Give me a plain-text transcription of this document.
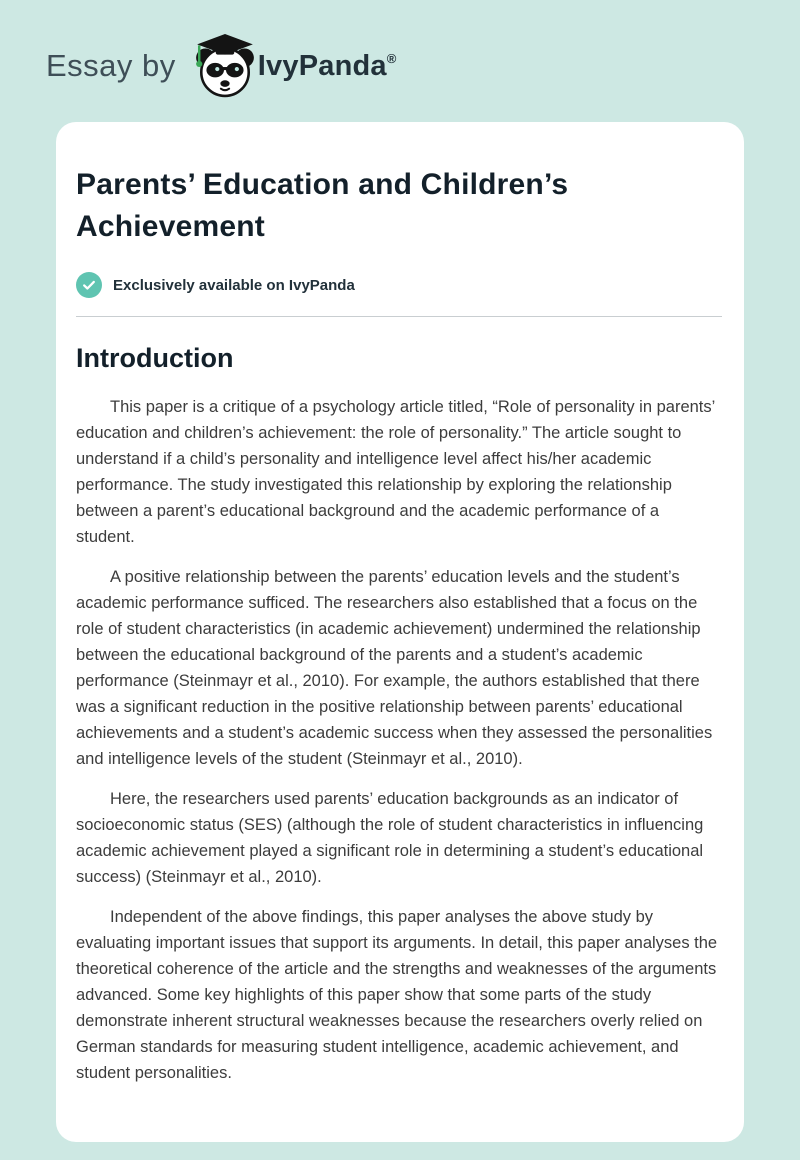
Essay by	IvyPanda ®
Parents’ Education and Children’s Achievement
Exclusively available on IvyPanda
Introduction

This paper is a critique of a psychology article titled, “Role of personality in parents’ education and children’s achievement: the role of personality.” The article sought to understand if a child’s personality and intelligence level affect his/her academic performance. The study investigated this relationship by exploring the relationship between a parent’s educational background and the academic performance of a student.

A positive relationship between the parents’ education levels and the student’s academic performance sufficed. The researchers also established that a focus on the role of student characteristics (in academic achievement) undermined the relationship between the educational background of the parents and a student’s academic performance (Steinmayr et al., 2010). For example, the authors established that there was a significant reduction in the positive relationship between parents’ educational achievements and a student’s academic success when they assessed the personalities and intelligence levels of the student (Steinmayr et al., 2010).

Here, the researchers used parents’ education backgrounds as an indicator of socioeconomic status (SES) (although the role of student characteristics in influencing academic achievement played a significant role in determining a student’s educational success) (Steinmayr et al., 2010).

Independent of the above findings, this paper analyses the above study by evaluating important issues that support its arguments. In detail, this paper analyses the theoretical coherence of the article and the strengths and weaknesses of the arguments advanced. Some key highlights of this paper show that some parts of the study demonstrate inherent structural weaknesses because the researchers overly relied on German standards for measuring student intelligence, academic achievement, and student personalities.
